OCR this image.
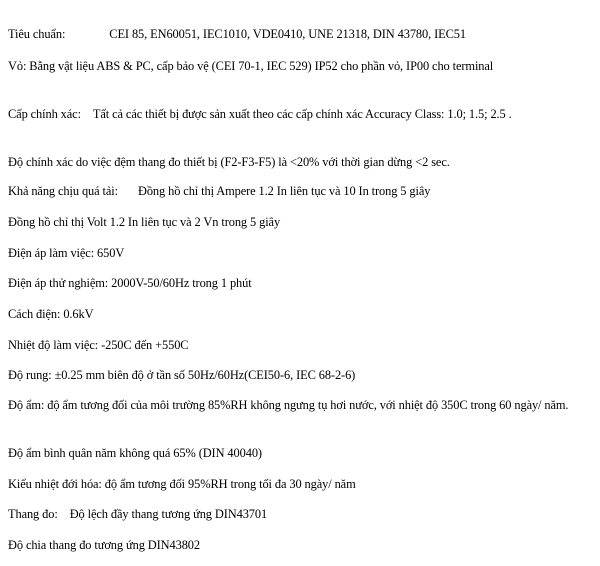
Tiêu chuẩn:	CEI 85, EN60051, IEC1010, VDE0410, UNE 21318, DIN 43780, IEC51
Vỏ: Bằng vật liệu ABS & PC, cấp bảo vệ (CEI 70-1, IEC 529) IP52 cho phần vỏ, IP00 cho terminal
Cấp chính xác: Tất cả các thiết bị được sản xuất theo các cấp chính xác Accuracy Class: 1.0; 1.5; 2.5 .
Độ chính xác do việc đệm thang đo thiết bị (F2-F3-F5) là <20% với thời gian dừng <2 sec.
Khả năng chịu quá tải: Đồng hồ chỉ thị Ampere 1.2 In liên tục và 10 In trong 5 giây
Đồng hồ chỉ thị Volt 1.2 In liên tục và 2 Vn trong 5 giây
Điện áp làm việc: 650V
Điện áp thử nghiệm: 2000V-50/60Hz trong 1 phút
Cách điện: 0.6kV
Nhiệt độ làm việc: -250C đến +550C
Độ rung: ±0.25 mm biên độ ở tần số 50Hz/60Hz(CEI50-6, IEC 68-2-6)
Độ ẩm: độ ẩm tương đối của môi trường 85%RH không ngưng tụ hơi nước, với nhiệt độ 350C trong 60 ngày/ năm.
Độ ẩm bình quân năm không quá 65% (DIN 40040)
Kiểu nhiệt đới hóa: độ ẩm tương đối 95%RH trong tối đa 30 ngày/ năm
Thang đo: Độ lệch đầy thang tương ứng DIN43701
Độ chia thang đo tương ứng DIN43802
